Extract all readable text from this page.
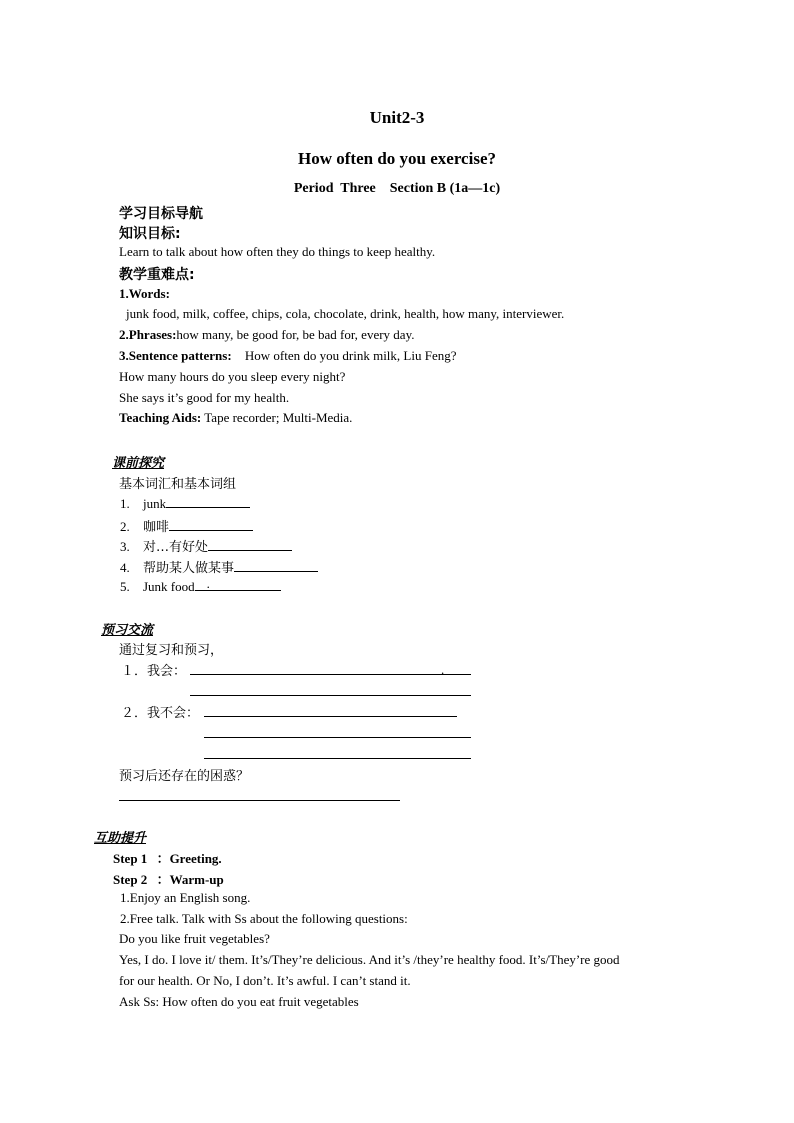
Unit2-3
How often do you exercise?
Period  Three    Section B (1a—1c)
学习目标导航
知识目标:
Learn to talk about how often they do things to keep healthy.
教学重难点:
1.Words:
junk food, milk, coffee, chips, cola, chocolate, drink, health, how many, interviewer.
2.Phrases:how many, be good for, be bad for, every day.
3.Sentence patterns: How often do you drink milk, Liu Feng?
How many hours do you sleep every night?
She says it’s good for my health.
Teaching Aids: Tape recorder; Multi-Media.
课前探究
基本词汇和基本词组
1. junk
2. 咖啡
3. 对…有好处
4. 帮助某人做某事
5. Junk food .
预习交流
通过复习和预习，
１．我会：	.
２．我不会：
预习后还存在的困惑？
互助提升
Step 1 ：Greeting.
Step 2 ：Warm-up
1.Enjoy an English song.
2.Free talk. Talk with Ss about the following questions:
Do you like fruit vegetables?
Yes, I do. I love it/ them. It’s/They’re delicious. And it’s /they’re healthy food. It’s/They’re good
for our health. Or No, I don’t. It’s awful. I can’t stand it.
Ask Ss: How often do you eat fruit vegetables
